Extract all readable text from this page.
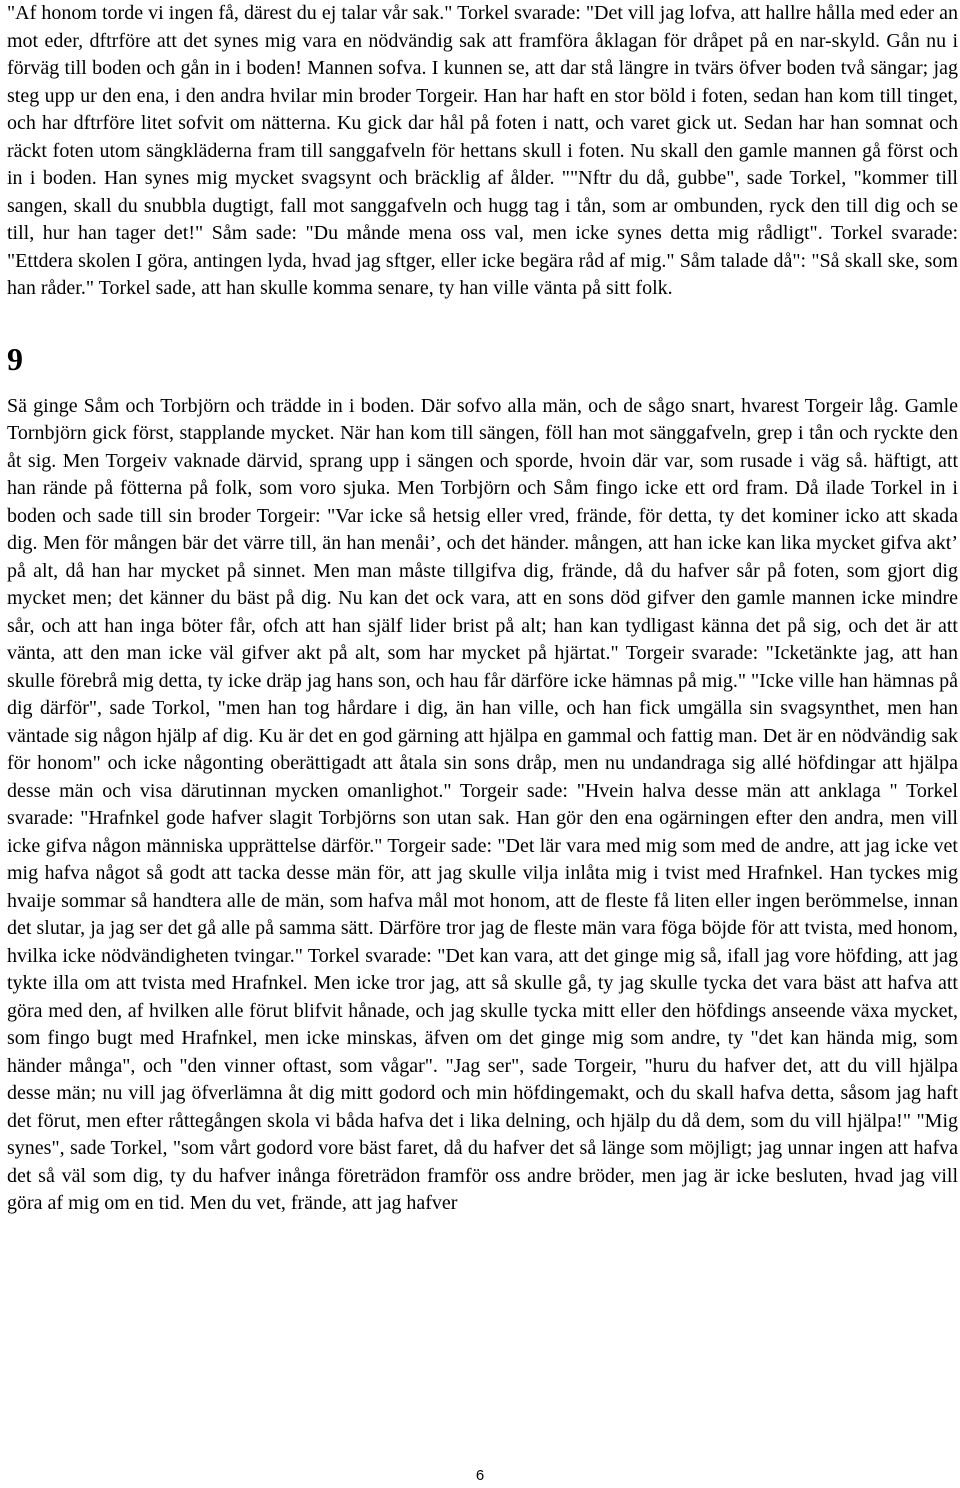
"Af honom torde vi ingen få, därest du ej talar vår sak." Torkel svarade: "Det vill jag lofva, att hallre hålla med eder an mot eder, dftrföre att det synes mig vara en nödvändig sak att framföra åklagan för dråpet på en nar-skyld. Gån nu i förväg till boden och gån in i boden! Mannen sofva. I kunnen se, att dar stå längre in tvärs öfver boden två sängar; jag steg upp ur den ena, i den andra hvilar min broder Torgeir. Han har haft en stor böld i foten, sedan han kom till tinget, och har dftrföre litet sofvit om nätterna. Ku gick dar hål på foten i natt, och varet gick ut. Sedan har han somnat och räckt foten utom sängkläderna fram till sanggafveln för hettans skull i foten. Nu skall den gamle mannen gå först och in i boden. Han synes mig mycket svagsynt och bräcklig af ålder. ""Nftr du då, gubbe", sade Torkel, "kommer till sangen, skall du snubbla dugtigt, fall mot sanggafveln och hugg tag i tån, som ar ombunden, ryck den till dig och se till, hur han tager det!" Såm sade: "Du månde mena oss val, men icke synes detta mig rådligt". Torkel svarade: "Ettdera skolen I göra, antingen lyda, hvad jag sftger, eller icke begära råd af mig." Såm talade då": "Så skall ske, som han råder." Torkel sade, att han skulle komma senare, ty han ville vänta på sitt folk.

9

Sä ginge Såm och Torbjörn och trädde in i boden. Där sofvo alla män, och de sågo snart, hvarest Torgeir låg. Gamle Tornbjörn gick först, stapplande mycket. När han kom till sängen, föll han mot sänggafveln, grep i tån och ryckte den åt sig. Men Torgeiv vaknade därvid, sprang upp i sängen och sporde, hvoin där var, som rusade i väg så. häftigt, att han rände på fötterna på folk, som voro sjuka. Men Torbjörn och Såm fingo icke ett ord fram. Då ilade Torkel in i boden och sade till sin broder Torgeir: "Var icke så hetsig eller vred, frände, för detta, ty det kominer icko att skada dig. Men för mången bär det värre till, än han menåi’, och det händer. mången, att han icke kan lika mycket gifva akt’ på alt, då han har mycket på sinnet. Men man måste tillgifva dig, frände, då du hafver sår på foten, som gjort dig mycket men; det känner du bäst på dig. Nu kan det ock vara, att en sons död gifver den gamle mannen icke mindre sår, och att han inga böter får, ofch att han själf lider brist på alt; han kan tydligast känna det på sig, och det är att vänta, att den man icke väl gifver akt på alt, som har mycket på hjärtat." Torgeir svarade: "Icketänkte jag, att han skulle förebrå mig detta, ty icke dräp jag hans son, och hau får därföre icke hämnas på mig." "Icke ville han hämnas på dig därför", sade Torkol, "men han tog hårdare i dig, än han ville, och han fick umgälla sin svagsynthet, men han väntade sig någon hjälp af dig. Ku är det en god gärning att hjälpa en gammal och fattig man. Det är en nödvändig sak för honom" och icke någonting oberättigadt att åtala sin sons dråp, men nu undandraga sig allé höfdingar att hjälpa desse män och visa därutinnan mycken omanlighot." Torgeir sade: "Hvein halva desse män att anklaga " Torkel svarade: "Hrafnkel gode hafver slagit Torbjörns son utan sak. Han gör den ena ogärningen efter den andra, men vill icke gifva någon människa upprättelse därför." Torgeir sade: "Det lär vara med mig som med de andre, att jag icke vet mig hafva något så godt att tacka desse män för, att jag skulle vilja inlåta mig i tvist med Hrafnkel. Han tyckes mig hvaije sommar så handtera alle de män, som hafva mål mot honom, att de fleste få liten eller ingen berömmelse, innan det slutar, ja jag ser det gå alle på samma sätt. Därföre tror jag de fleste män vara föga böjde för att tvista, med honom, hvilka icke nödvändigheten tvingar." Torkel svarade: "Det kan vara, att det ginge mig så, ifall jag vore höfding, att jag tykte illa om att tvista med Hrafnkel. Men icke tror jag, att så skulle gå, ty jag skulle tycka det vara bäst att hafva att göra med den, af hvilken alle förut blifvit hånade, och jag skulle tycka mitt eller den höfdings anseende växa mycket, som fingo bugt med Hrafnkel, men icke minskas, äfven om det ginge mig som andre, ty "det kan hända mig, som händer många", och "den vinner oftast, som vågar". "Jag ser", sade Torgeir, "huru du hafver det, att du vill hjälpa desse män; nu vill jag öfverlämna åt dig mitt godord och min höfdingemakt, och du skall hafva detta, såsom jag haft det förut, men efter råttegången skola vi båda hafva det i lika delning, och hjälp du då dem, som du vill hjälpa!" "Mig synes", sade Torkel, "som vårt godord vore bäst faret, då du hafver det så länge som möjligt; jag unnar ingen att hafva det så väl som dig, ty du hafver inånga företrädon framför oss andre bröder, men jag är icke besluten, hvad jag vill göra af mig om en tid. Men du vet, frände, att jag hafver

6
